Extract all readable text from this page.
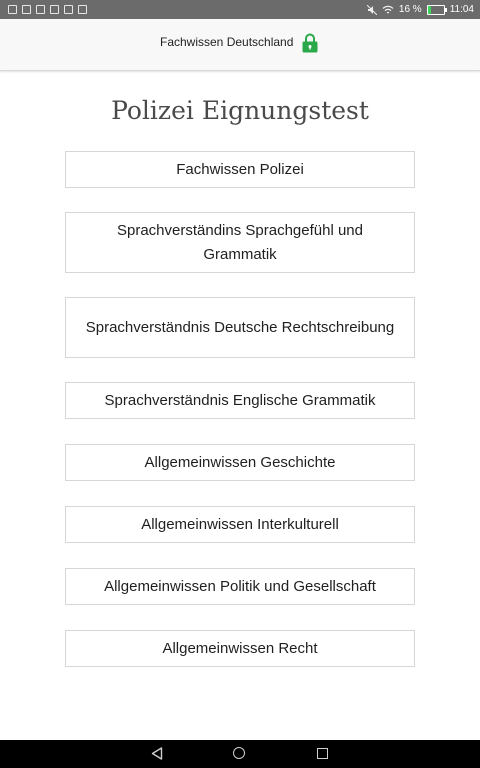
16 %	11:04
Fachwissen Deutschland
Polizei Eignungstest
Fachwissen Polizei
Sprachverständins Sprachgefühl und Grammatik
Sprachverständnis Deutsche Rechtschreibung
Sprachverständnis Englische Grammatik
Allgemeinwissen Geschichte
Allgemeinwissen Interkulturell
Allgemeinwissen Politik und Gesellschaft
Allgemeinwissen Recht
